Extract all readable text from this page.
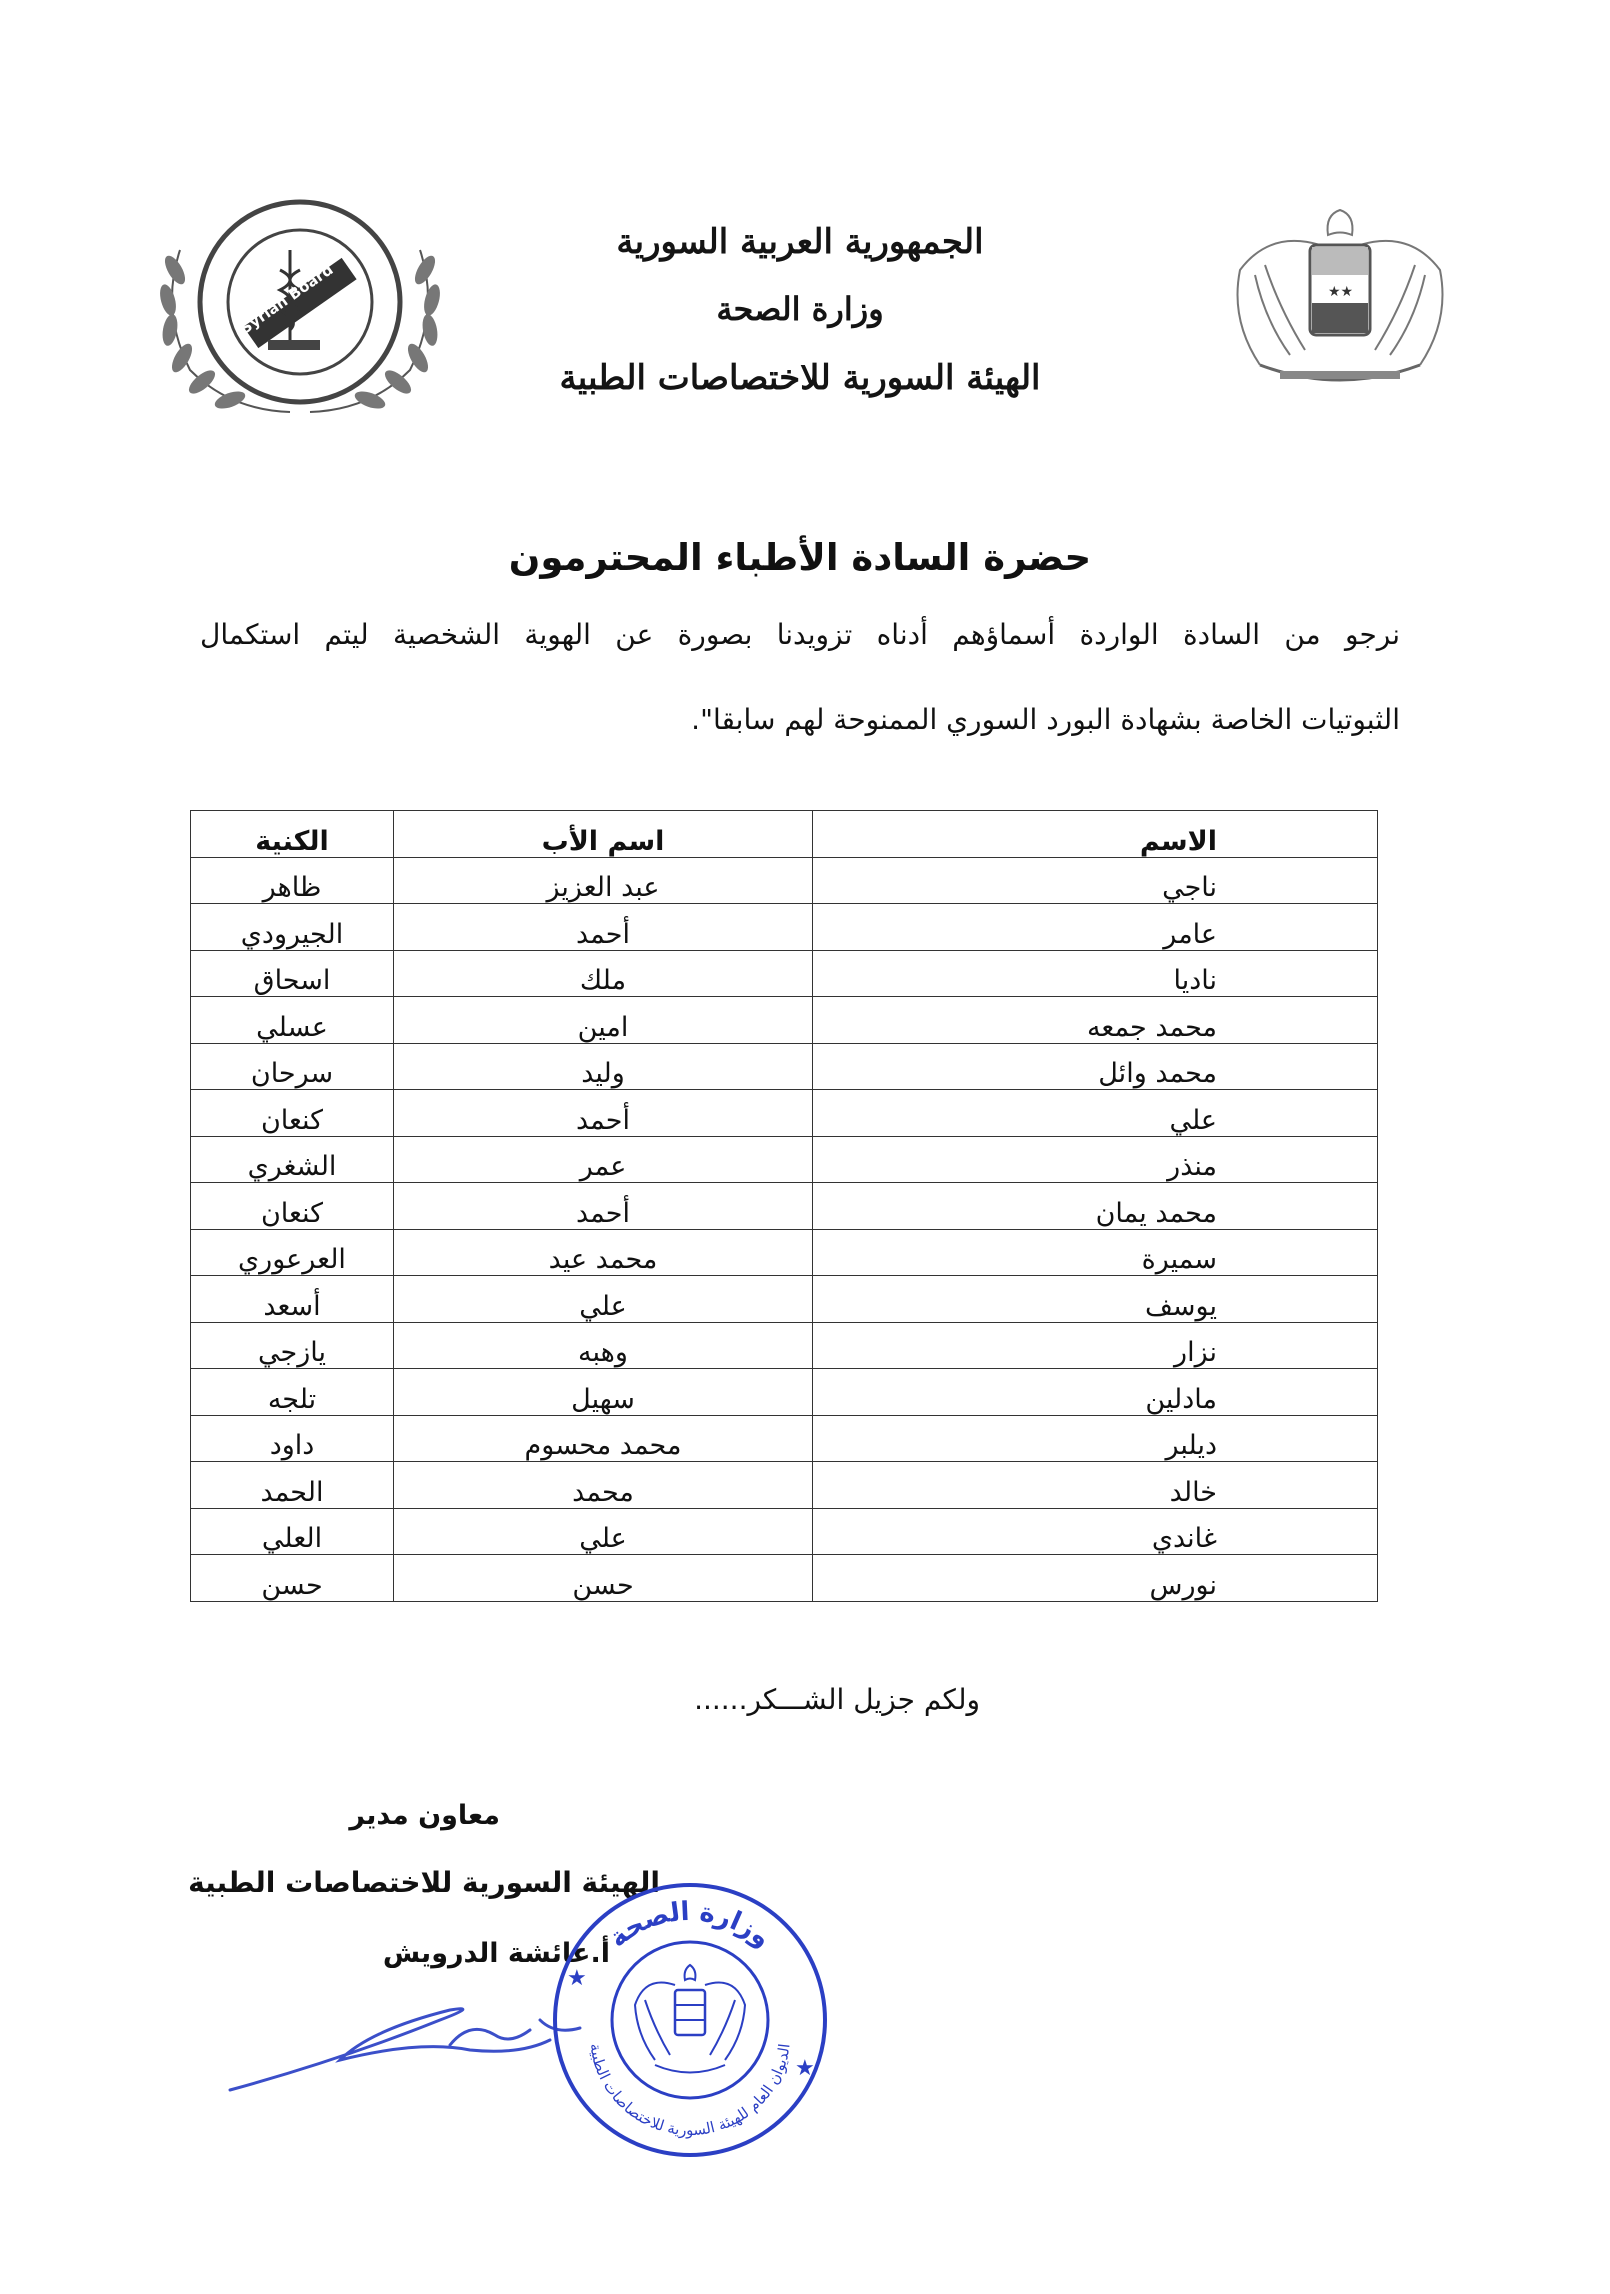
Syrian Board	★★
الجمهورية العربية السورية
وزارة الصحة
الهيئة السورية للاختصاصات الطبية
حضرة السادة الأطباء المحترمون
نرجو من السادة الواردة أسماؤهم أدناه تزويدنا بصورة عن الهوية الشخصية ليتم استكمال
الثبوتيات الخاصة بشهادة البورد السوري الممنوحة لهم سابقا".
الاسم	اسم الأب	الكنية
ناجي	عبد العزيز	ظاهر
عامر	أحمد	الجيرودي
ناديا	ملك	اسحاق
محمد جمعه	امين	عسلي
محمد وائل	وليد	سرحان
علي	أحمد	كنعان
منذر	عمر	الشغري
محمد يمان	أحمد	كنعان
سميرة	محمد عيد	العرعوري
يوسف	علي	أسعد
نزار	وهبه	يازجي
مادلين	سهيل	تلجه
ديلبر	محمد محسوم	داود
خالد	محمد	الحمد
غاندي	علي	العلي
نورس	حسن	حسن
ولكم جزيل الشـــكر......
معاون مدير
الهيئة السورية للاختصاصات الطبية
أ.عائشة الدرويش
وزارة الصحة
الديوان العام للهيئة السورية للاختصاصات الطبية
★
★
